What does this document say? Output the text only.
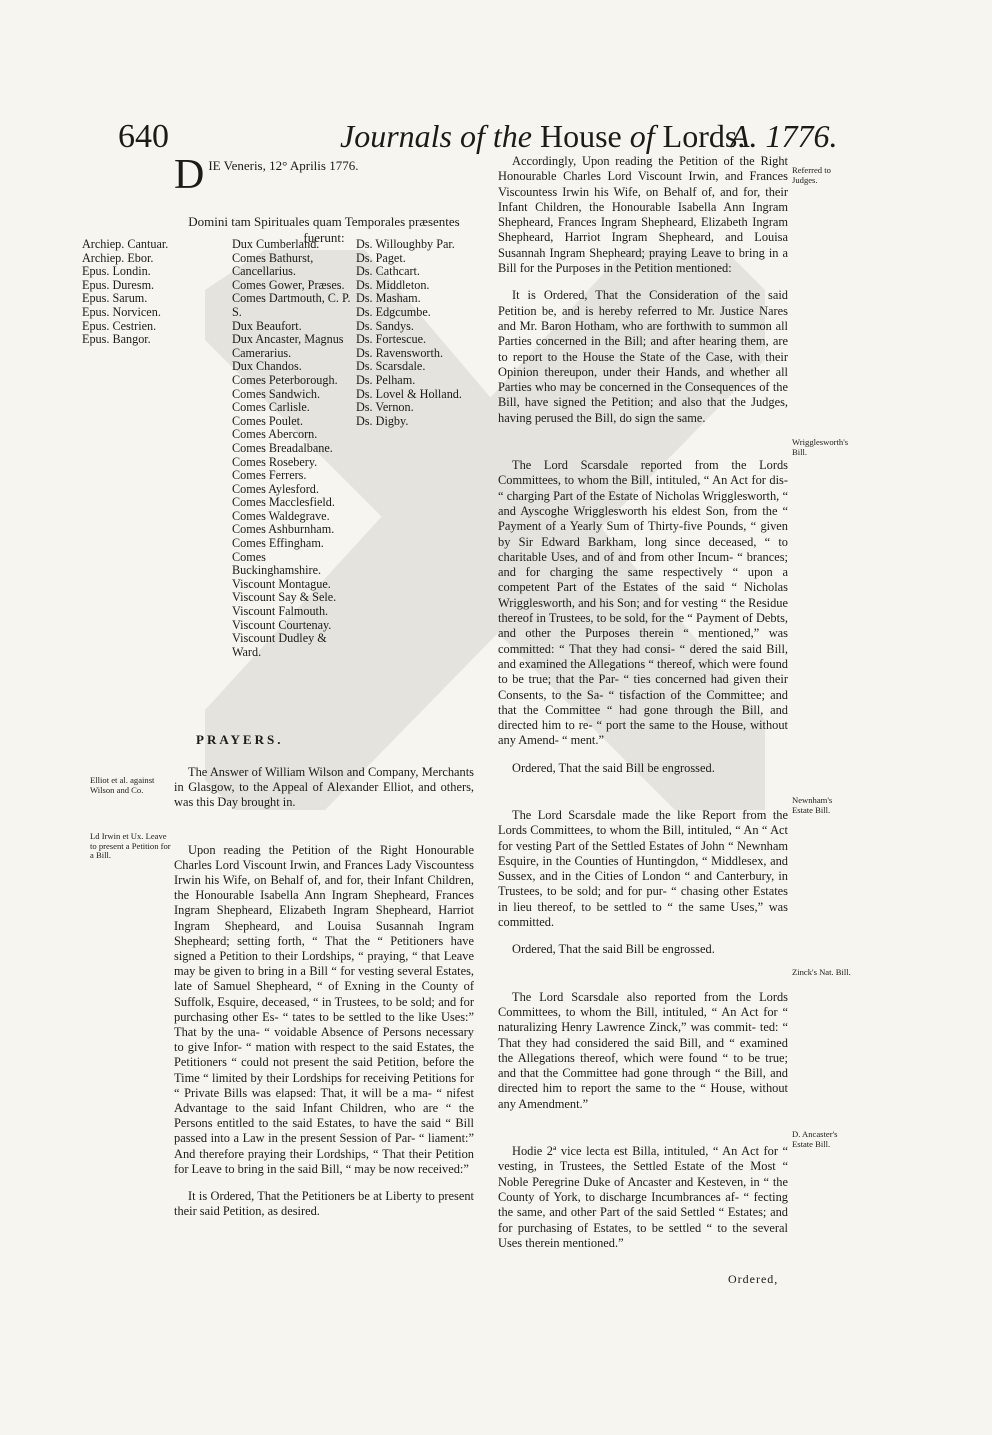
640	Journals of the House of Lords.
A. 1776.
D IE Veneris, 12° Aprilis 1776.
Domini tam Spirituales quam Temporales præsentes fuerunt:
Archiep. Cantuar.
Archiep. Ebor.
Epus. Londin.
Epus. Duresm.
Epus. Sarum.
Epus. Norvicen.
Epus. Cestrien.
Epus. Bangor.
Dux Cumberland.
Comes Bathurst, Cancellarius.
Comes Gower, Præses.
Comes Dartmouth, C. P. S.
Dux Beaufort.
Dux Ancaster, Magnus Camerarius.
Dux Chandos.
Comes Peterborough.
Comes Sandwich.
Comes Carlisle.
Comes Poulet.
Comes Abercorn.
Comes Breadalbane.
Comes Rosebery.
Comes Ferrers.
Comes Aylesford.
Comes Macclesfield.
Comes Waldegrave.
Comes Ashburnham.
Comes Effingham.
Comes Buckinghamshire.
Viscount Montague.
Viscount Say & Sele.
Viscount Falmouth.
Viscount Courtenay.
Viscount Dudley & Ward.
Ds. Willoughby Par.
Ds. Paget.
Ds. Cathcart.
Ds. Middleton.
Ds. Masham.
Ds. Edgcumbe.
Ds. Sandys.
Ds. Fortescue.
Ds. Ravensworth.
Ds. Scarsdale.
Ds. Pelham.
Ds. Lovel & Holland.
Ds. Vernon.
Ds. Digby.
PRAYERS.
Elliot et al. against Wilson and Co.
Ld Irwin et Ux. Leave to present a Petition for a Bill.
Referred to Judges.
Wrigglesworth's Bill.
Newnham's Estate Bill.
Zinck's Nat. Bill.
D. Ancaster's Estate Bill.

The Answer of William Wilson and Company, Merchants in Glasgow, to the Appeal of Alexander Elliot, and others, was this Day brought in.

Upon reading the Petition of the Right Honourable Charles Lord Viscount Irwin, and Frances Lady Viscountess Irwin his Wife, on Behalf of, and for, their Infant Children, the Honourable Isabella Ann Ingram Shepheard, Frances Ingram Shepheard, Elizabeth Ingram Shepheard, Harriot Ingram Shepheard, and Louisa Susannah Ingram Shepheard; setting forth, “ That the “ Petitioners have signed a Petition to their Lordships, “ praying, “ that Leave may be given to bring in a Bill “ for vesting several Estates, late of Samuel Shepheard, “ of Exning in the County of Suffolk, Esquire, deceased, “ in Trustees, to be sold; and for purchasing other Es- “ tates to be settled to the like Uses:” That by the una- “ voidable Absence of Persons necessary to give Infor- “ mation with respect to the said Estates, the Petitioners “ could not present the said Petition, before the Time “ limited by their Lordships for receiving Petitions for “ Private Bills was elapsed: That, it will be a ma- “ nifest Advantage to the said Infant Children, who are “ the Persons entitled to the said Estates, to have the said “ Bill passed into a Law in the present Session of Par- “ liament:” And therefore praying their Lordships, “ That their Petition for Leave to bring in the said Bill, “ may be now received:”

It is Ordered, That the Petitioners be at Liberty to present their said Petition, as desired.

Accordingly, Upon reading the Petition of the Right Honourable Charles Lord Viscount Irwin, and Frances Viscountess Irwin his Wife, on Behalf of, and for, their Infant Children, the Honourable Isabella Ann Ingram Shepheard, Frances Ingram Shepheard, Elizabeth Ingram Shepheard, Harriot Ingram Shepheard, and Louisa Susannah Ingram Shepheard; praying Leave to bring in a Bill for the Purposes in the Petition mentioned:

It is Ordered, That the Consideration of the said Petition be, and is hereby referred to Mr. Justice Nares and Mr. Baron Hotham, who are forthwith to summon all Parties concerned in the Bill; and after hearing them, are to report to the House the State of the Case, with their Opinion thereupon, under their Hands, and whether all Parties who may be concerned in the Consequences of the Bill, have signed the Petition; and also that the Judges, having perused the Bill, do sign the same.

The Lord Scarsdale reported from the Lords Committees, to whom the Bill, intituled, “ An Act for dis- “ charging Part of the Estate of Nicholas Wrigglesworth, “ and Ayscoghe Wrigglesworth his eldest Son, from the “ Payment of a Yearly Sum of Thirty-five Pounds, “ given by Sir Edward Barkham, long since deceased, “ to charitable Uses, and of and from other Incum- “ brances; and for charging the same respectively “ upon a competent Part of the Estates of the said “ Nicholas Wrigglesworth, and his Son; and for vesting “ the Residue thereof in Trustees, to be sold, for the “ Payment of Debts, and other the Purposes therein “ mentioned,” was committed: “ That they had consi- “ dered the said Bill, and examined the Allegations “ thereof, which were found to be true; that the Par- “ ties concerned had given their Consents, to the Sa- “ tisfaction of the Committee; and that the Committee “ had gone through the Bill, and directed him to re- “ port the same to the House, without any Amend- “ ment.”

Ordered, That the said Bill be engrossed.

The Lord Scarsdale made the like Report from the Lords Committees, to whom the Bill, intituled, “ An “ Act for vesting Part of the Settled Estates of John “ Newnham Esquire, in the Counties of Huntingdon, “ Middlesex, and Sussex, and in the Cities of London “ and Canterbury, in Trustees, to be sold; and for pur- “ chasing other Estates in lieu thereof, to be settled to “ the same Uses,” was committed.

Ordered, That the said Bill be engrossed.

The Lord Scarsdale also reported from the Lords Committees, to whom the Bill, intituled, “ An Act for “ naturalizing Henry Lawrence Zinck,” was commit- ted: “ That they had considered the said Bill, and “ examined the Allegations thereof, which were found “ to be true; and that the Committee had gone through “ the Bill, and directed him to report the same to the “ House, without any Amendment.”

Hodie 2ª vice lecta est Billa, intituled, “ An Act for “ vesting, in Trustees, the Settled Estate of the Most “ Noble Peregrine Duke of Ancaster and Kesteven, in “ the County of York, to discharge Incumbrances af- “ fecting the same, and other Part of the said Settled “ Estates; and for purchasing of Estates, to be settled “ to the several Uses therein mentioned.”

Ordered,
